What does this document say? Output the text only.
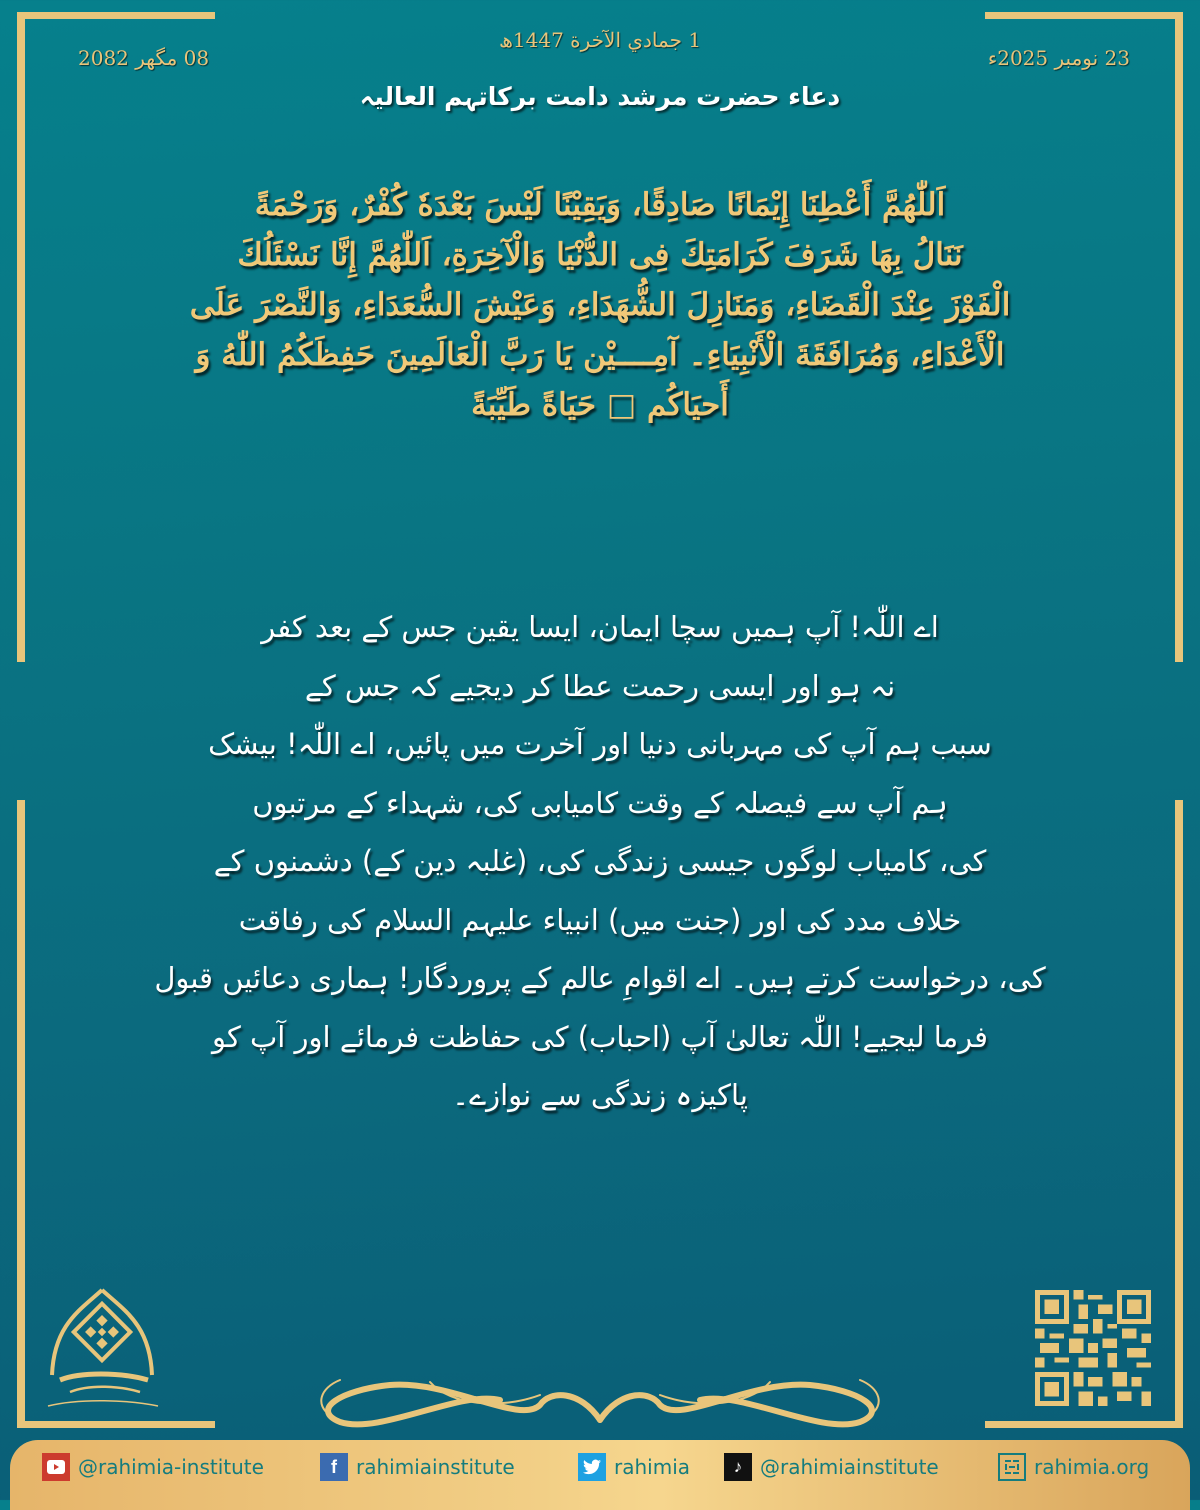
08 مگھر 2082
1 جمادي الآخرة 1447ھ
23 نومبر 2025ء
دعاء حضرت مرشد دامت برکاتہم العالیہ
اَللّٰهُمَّ أَعْطِنَا إِيْمَانًا صَادِقًا، وَيَقِيْنًا لَيْسَ بَعْدَهٗ كُفْرٌ، وَرَحْمَةً
نَنَالُ بِهَا شَرَفَ كَرَامَتِكَ فِى الدُّنْيَا وَالْآخِرَةِ، اَللّٰهُمَّ إِنَّا نَسْئَلُكَ
الْفَوْزَ عِنْدَ الْقَضَاءِ، وَمَنَازِلَ الشُّهَدَاءِ، وَعَيْشَ السُّعَدَاءِ، وَالنَّصْرَ عَلَى
الْأَعْدَاءِ، وَمُرَافَقَةَ الْأَنْبِيَاءِ۔ آمِــــيْن يَا رَبَّ الْعَالَمِينَ حَفِظَكُمُ اللّٰهُ وَ
أَحيَاكُم □ حَيَاةً طَيِّبَةً
اے اللّٰہ! آپ ہمیں سچا ایمان، ایسا یقین جس کے بعد کفر
نہ ہو اور ایسی رحمت عطا کر دیجیے کہ جس کے
سبب ہم آپ کی مہربانی دنیا اور آخرت میں پائیں، اے اللّٰہ! بیشک
ہم آپ سے فیصلہ کے وقت کامیابی کی، شہداء کے مرتبوں
کی، کامیاب لوگوں جیسی زندگی کی، (غلبہ دین کے) دشمنوں کے
خلاف مدد کی اور (جنت میں) انبیاء علیہم السلام کی رفاقت
کی، درخواست کرتے ہیں۔ اے اقوامِ عالم کے پروردگار! ہماری دعائیں قبول
فرما لیجیے! اللّٰہ تعالیٰ آپ (احباب) کی حفاظت فرمائے اور آپ کو
پاکیزہ زندگی سے نوازے۔
@rahimia-institute	f rahimiainstitute	rahimia	♪ @rahimiainstitute	rahimia.org
